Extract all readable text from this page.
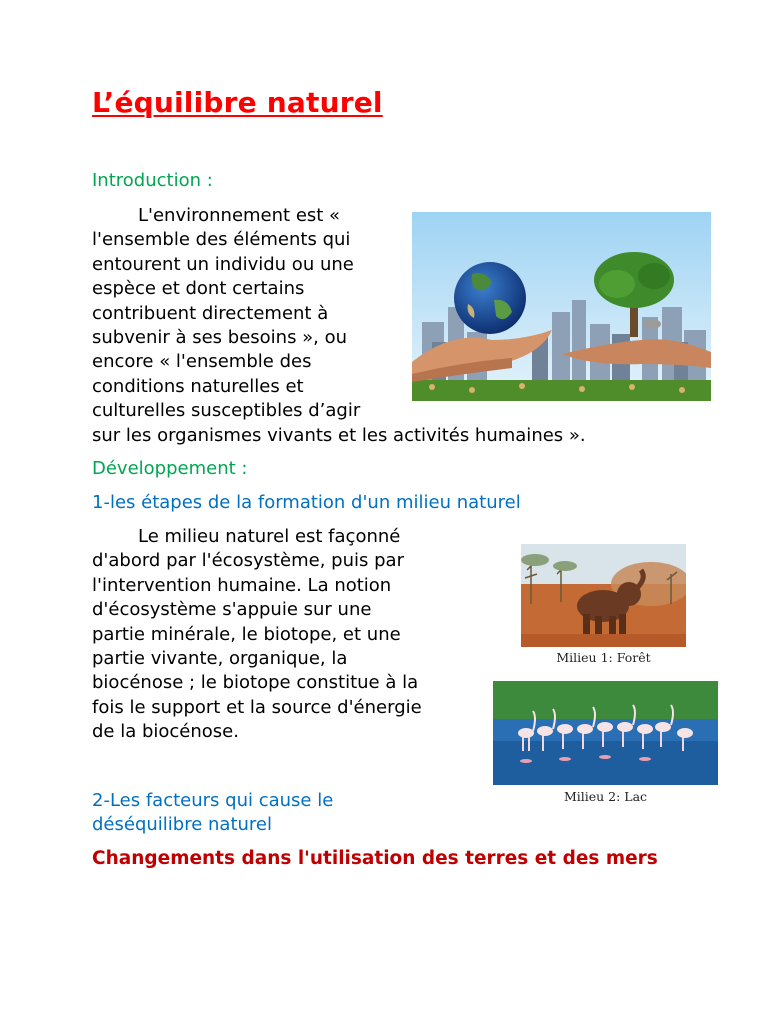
L’équilibre naturel

Introduction :

L'environnement est «
l'ensemble des éléments qui
entourent un individu ou une
espèce et dont certains
contribuent directement à
subvenir à ses besoins », ou
encore « l'ensemble des
conditions naturelles et
culturelles susceptibles d’agir
sur les organismes vivants et les activités humaines ».

Développement :

1-les étapes de la formation d'un milieu naturel

Le milieu naturel est façonné
d'abord par l'écosystème, puis par
l'intervention humaine. La notion
d'écosystème s'appuie sur une
partie minérale, le biotope, et une
partie vivante, organique, la
biocénose ; le biotope constitue à la
fois le support et la source d'énergie
de la biocénose.
Milieu 1: Forêt
Milieu 2: Lac
2-Les facteurs qui cause le
déséquilibre naturel

Changements dans l'utilisation des terres et des mers
